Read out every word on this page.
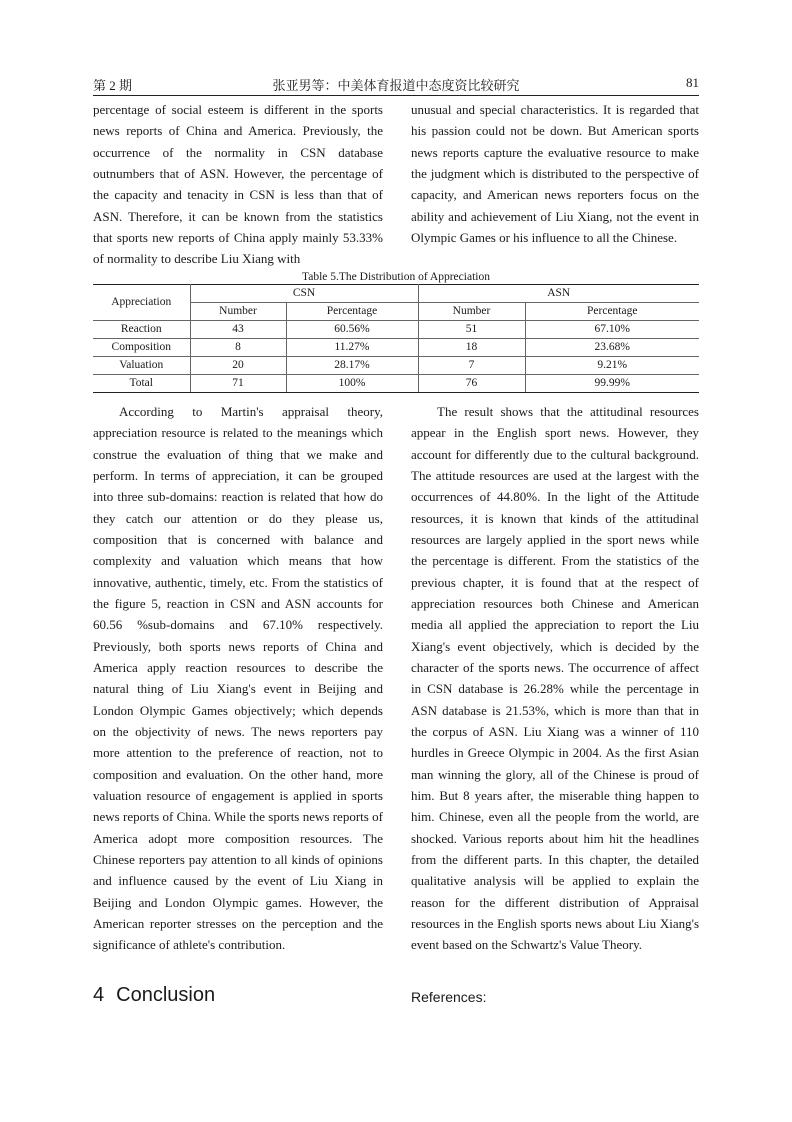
第 2 期	张亚男等：中美体育报道中态度资比较研究	81

percentage of social esteem is different in the sports news reports of China and America. Previously, the occurrence of the normality in CSN database outnumbers that of ASN. However, the percentage of the capacity and tenacity in CSN is less than that of ASN. Therefore, it can be known from the statistics that sports new reports of China apply mainly 53.33% of normality to describe Liu Xiang with

unusual and special characteristics. It is regarded that his passion could not be down. But American sports news reports capture the evaluative resource to make the judgment which is distributed to the perspective of capacity, and American news reporters focus on the ability and achievement of Liu Xiang, not the event in Olympic Games or his influence to all the Chinese.

Table 5.The Distribution of Appreciation
Appreciation	CSN		ASN	
	Number	Percentage	Number	Percentage
Reaction	43	60.56%	51	67.10%
Composition	8	11.27%	18	23.68%
Valuation	20	28.17%	7	9.21%
Total	71	100%	76	99.99%

According to Martin's appraisal theory, appreciation resource is related to the meanings which construe the evaluation of thing that we make and perform. In terms of appreciation, it can be grouped into three sub-domains: reaction is related that how do they catch our attention or do they please us, composition that is concerned with balance and complexity and valuation which means that how innovative, authentic, timely, etc. From the statistics of the figure 5, reaction in CSN and ASN accounts for 60.56 %sub-domains and 67.10% respectively. Previously, both sports news reports of China and America apply reaction resources to describe the natural thing of Liu Xiang's event in Beijing and London Olympic Games objectively; which depends on the objectivity of news. The news reporters pay more attention to the preference of reaction, not to composition and evaluation. On the other hand, more valuation resource of engagement is applied in sports news reports of China. While the sports news reports of America adopt more composition resources. The Chinese reporters pay attention to all kinds of opinions and influence caused by the event of Liu Xiang in Beijing and London Olympic games. However, the American reporter stresses on the perception and the significance of athlete's contribution.

The result shows that the attitudinal resources appear in the English sport news. However, they account for differently due to the cultural background. The attitude resources are used at the largest with the occurrences of 44.80%. In the light of the Attitude resources, it is known that kinds of the attitudinal resources are largely applied in the sport news while the percentage is different. From the statistics of the previous chapter, it is found that at the respect of appreciation resources both Chinese and American media all applied the appreciation to report the Liu Xiang's event objectively, which is decided by the character of the sports news. The occurrence of affect in CSN database is 26.28% while the percentage in ASN database is 21.53%, which is more than that in the corpus of ASN. Liu Xiang was a winner of 110 hurdles in Greece Olympic in 2004. As the first Asian man winning the glory, all of the Chinese is proud of him. But 8 years after, the miserable thing happen to him. Chinese, even all the people from the world, are shocked. Various reports about him hit the headlines from the different parts. In this chapter, the detailed qualitative analysis will be applied to explain the reason for the different distribution of Appraisal resources in the English sports news about Liu Xiang's event based on the Schwartz's Value Theory.

4 Conclusion	References:
